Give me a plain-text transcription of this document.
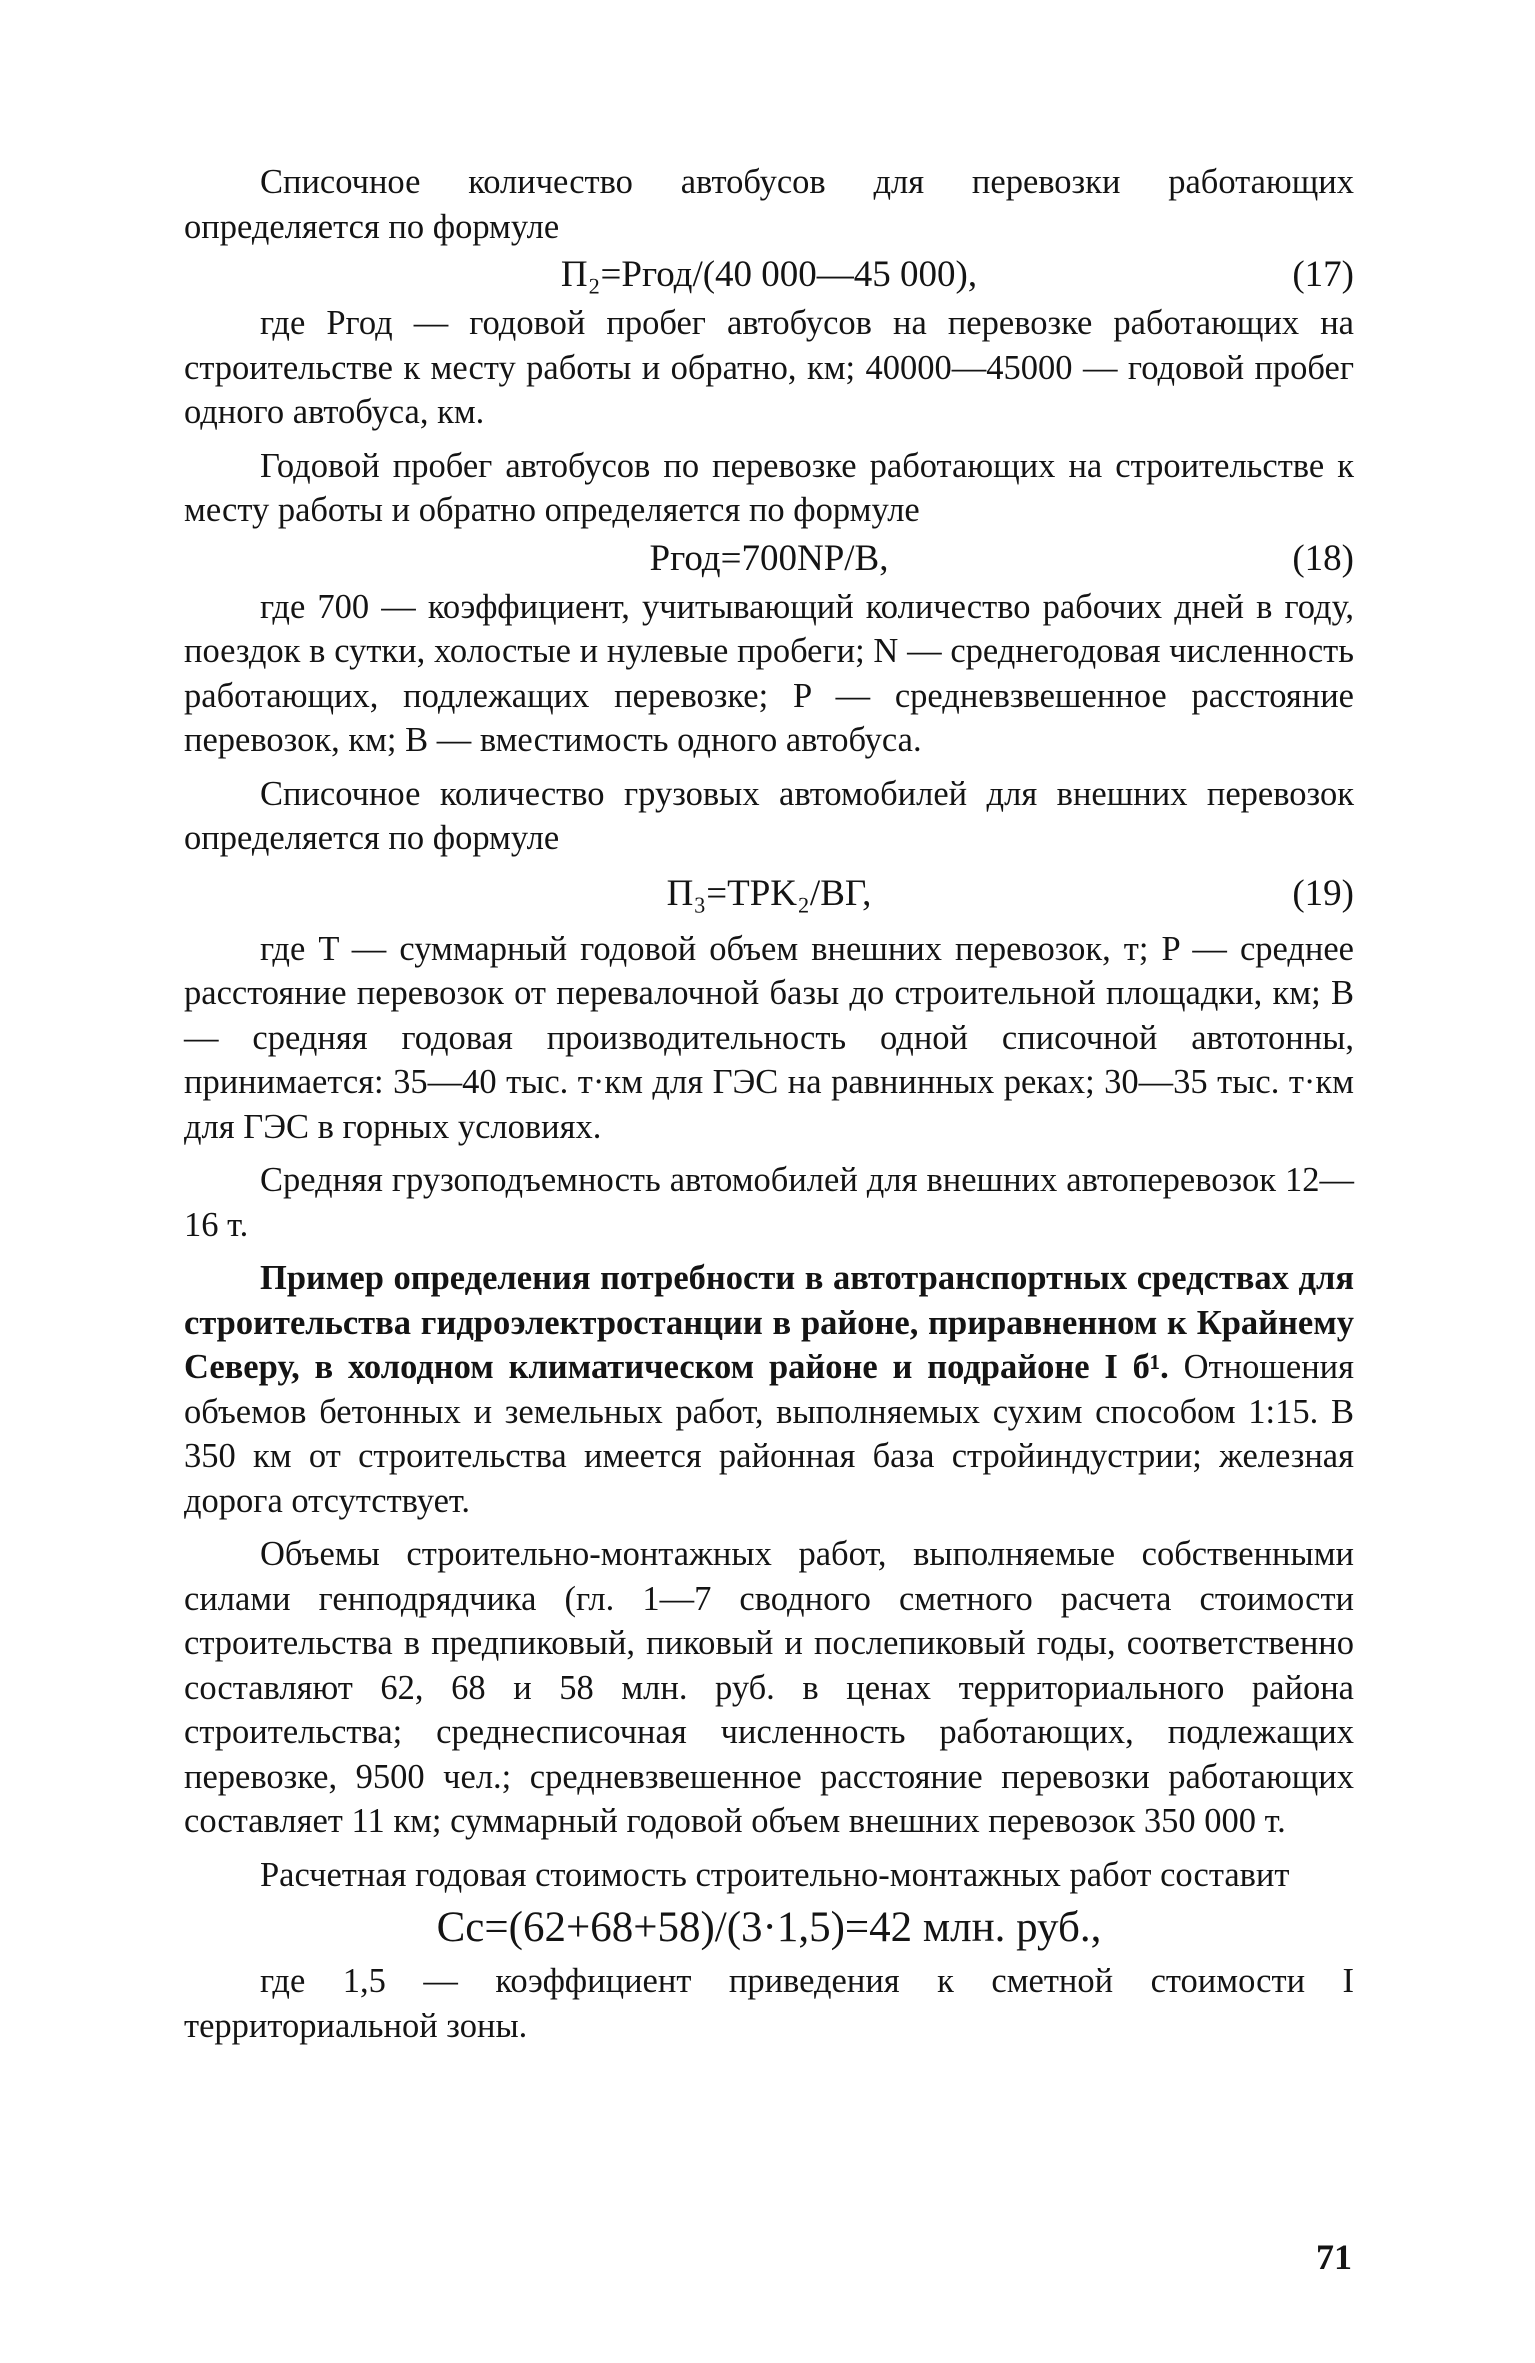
Списочное количество автобусов для перевозки работающих определяется по формуле

П₂=Pгод/(40 000—45 000),	(17)

где Pгод — годовой пробег автобусов на перевозке работающих на строительстве к месту работы и обратно, км; 40000—45000 — годовой пробег одного автобуса, км.

Годовой пробег автобусов по перевозке работающих на строительстве к месту работы и обратно определяется по формуле

Pгод=700NP/B,	(18)

где 700 — коэффициент, учитывающий количество рабочих дней в году, поездок в сутки, холостые и нулевые пробеги; N — среднегодовая численность работающих, подлежащих перевозке; P — средневзвешенное расстояние перевозок, км; B — вместимость одного автобуса.

Списочное количество грузовых автомобилей для внешних перевозок определяется по формуле

П₃=TPK₂/BГ,	(19)

где T — суммарный годовой объем внешних перевозок, т; P — среднее расстояние перевозок от перевалочной базы до строительной площадки, км; B — средняя годовая производительность одной списочной автотонны, принимается: 35—40 тыс. т·км для ГЭС на равнинных реках; 30—35 тыс. т·км для ГЭС в горных условиях.

Средняя грузоподъемность автомобилей для внешних автоперевозок 12—16 т.

Пример определения потребности в автотранспортных средствах для строительства гидроэлектростанции в районе, приравненном к Крайнему Северу, в холодном климатическом районе и подрайоне I б¹. Отношения объемов бетонных и земельных работ, выполняемых сухим способом 1:15. В 350 км от строительства имеется районная база стройиндустрии; железная дорога отсутствует.

Объемы строительно-монтажных работ, выполняемые собственными силами генподрядчика (гл. 1—7 сводного сметного расчета стоимости строительства в предпиковый, пиковый и послепиковый годы, соответственно составляют 62, 68 и 58 млн. руб. в ценах территориального района строительства; среднесписочная численность работающих, подлежащих перевозке, 9500 чел.; средневзвешенное расстояние перевозки работающих составляет 11 км; суммарный годовой объем внешних перевозок 350 000 т.

Расчетная годовая стоимость строительно-монтажных работ составит

Cс=(62+68+58)/(3·1,5)=42 млн. руб.,

где 1,5 — коэффициент приведения к сметной стоимости I территориальной зоны.

71
